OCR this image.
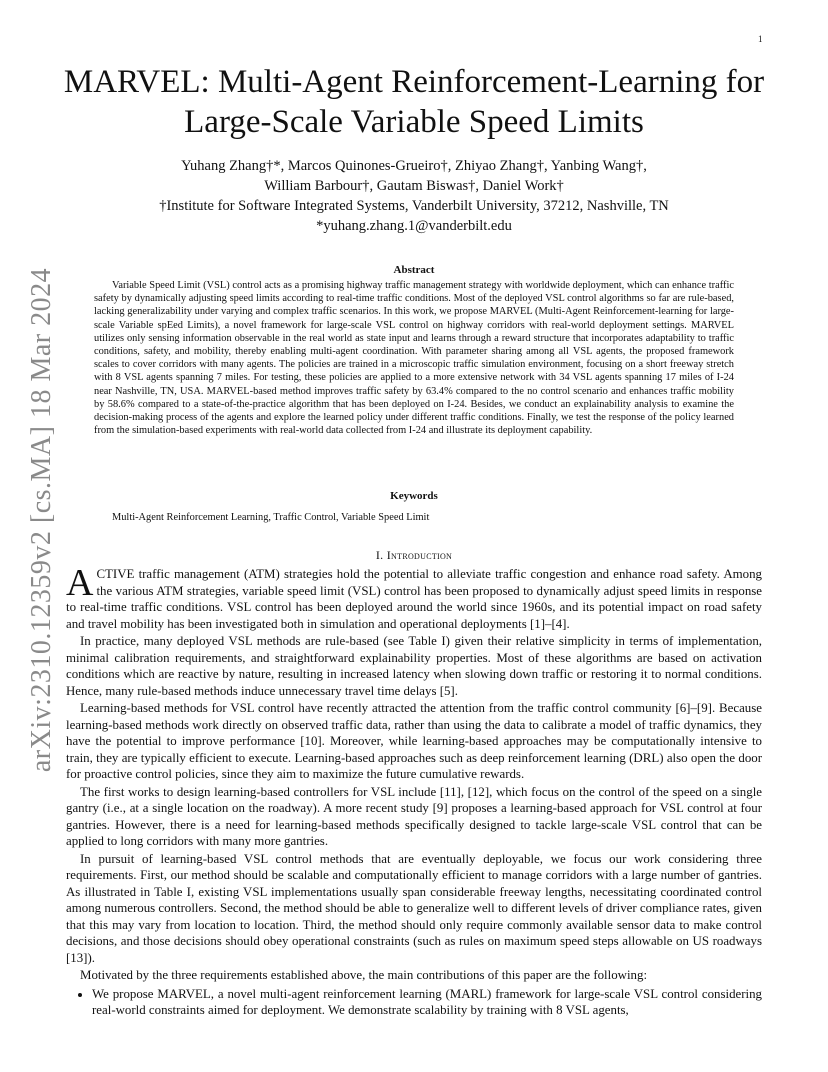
1
arXiv:2310.12359v2 [cs.MA] 18 Mar 2024
MARVEL: Multi-Agent Reinforcement-Learning for Large-Scale Variable Speed Limits
Yuhang Zhang†*, Marcos Quinones-Grueiro†, Zhiyao Zhang†, Yanbing Wang†,
William Barbour†, Gautam Biswas†, Daniel Work†
†Institute for Software Integrated Systems, Vanderbilt University, 37212, Nashville, TN
*yuhang.zhang.1@vanderbilt.edu
Abstract

Variable Speed Limit (VSL) control acts as a promising highway traffic management strategy with worldwide deployment, which can enhance traffic safety by dynamically adjusting speed limits according to real-time traffic conditions. Most of the deployed VSL control algorithms so far are rule-based, lacking generalizability under varying and complex traffic scenarios. In this work, we propose MARVEL (Multi-Agent Reinforcement-learning for large-scale Variable spEed Limits), a novel framework for large-scale VSL control on highway corridors with real-world deployment settings. MARVEL utilizes only sensing information observable in the real world as state input and learns through a reward structure that incorporates adaptability to traffic conditions, safety, and mobility, thereby enabling multi-agent coordination. With parameter sharing among all VSL agents, the proposed framework scales to cover corridors with many agents. The policies are trained in a microscopic traffic simulation environment, focusing on a short freeway stretch with 8 VSL agents spanning 7 miles. For testing, these policies are applied to a more extensive network with 34 VSL agents spanning 17 miles of I-24 near Nashville, TN, USA. MARVEL-based method improves traffic safety by 63.4% compared to the no control scenario and enhances traffic mobility by 58.6% compared to a state-of-the-practice algorithm that has been deployed on I-24. Besides, we conduct an explainability analysis to examine the decision-making process of the agents and explore the learned policy under different traffic conditions. Finally, we test the response of the policy learned from the simulation-based experiments with real-world data collected from I-24 and illustrate its deployment capability.

Keywords
Multi-Agent Reinforcement Learning, Traffic Control, Variable Speed Limit
I. Introduction

ACTIVE traffic management (ATM) strategies hold the potential to alleviate traffic congestion and enhance road safety. Among the various ATM strategies, variable speed limit (VSL) control has been proposed to dynamically adjust speed limits in response to real-time traffic conditions. VSL control has been deployed around the world since 1960s, and its potential impact on road safety and travel mobility has been investigated both in simulation and operational deployments [1]–[4].

In practice, many deployed VSL methods are rule-based (see Table I) given their relative simplicity in terms of implementation, minimal calibration requirements, and straightforward explainability properties. Most of these algorithms are based on activation conditions which are reactive by nature, resulting in increased latency when slowing down traffic or restoring it to normal conditions. Hence, many rule-based methods induce unnecessary travel time delays [5].

Learning-based methods for VSL control have recently attracted the attention from the traffic control community [6]–[9]. Because learning-based methods work directly on observed traffic data, rather than using the data to calibrate a model of traffic dynamics, they have the potential to improve performance [10]. Moreover, while learning-based approaches may be computationally intensive to train, they are typically efficient to execute. Learning-based approaches such as deep reinforcement learning (DRL) also open the door for proactive control policies, since they aim to maximize the future cumulative rewards.

The first works to design learning-based controllers for VSL include [11], [12], which focus on the control of the speed on a single gantry (i.e., at a single location on the roadway). A more recent study [9] proposes a learning-based approach for VSL control at four gantries. However, there is a need for learning-based methods specifically designed to tackle large-scale VSL control that can be applied to long corridors with many more gantries.

In pursuit of learning-based VSL control methods that are eventually deployable, we focus our work considering three requirements. First, our method should be scalable and computationally efficient to manage corridors with a large number of gantries. As illustrated in Table I, existing VSL implementations usually span considerable freeway lengths, necessitating coordinated control among numerous controllers. Second, the method should be able to generalize well to different levels of driver compliance rates, given that this may vary from location to location. Third, the method should only require commonly available sensor data to make control decisions, and those decisions should obey operational constraints (such as rules on maximum speed steps allowable on US roadways [13]).

Motivated by the three requirements established above, the main contributions of this paper are the following:

• We propose MARVEL, a novel multi-agent reinforcement learning (MARL) framework for large-scale VSL control considering real-world constraints aimed for deployment. We demonstrate scalability by training with 8 VSL agents,
